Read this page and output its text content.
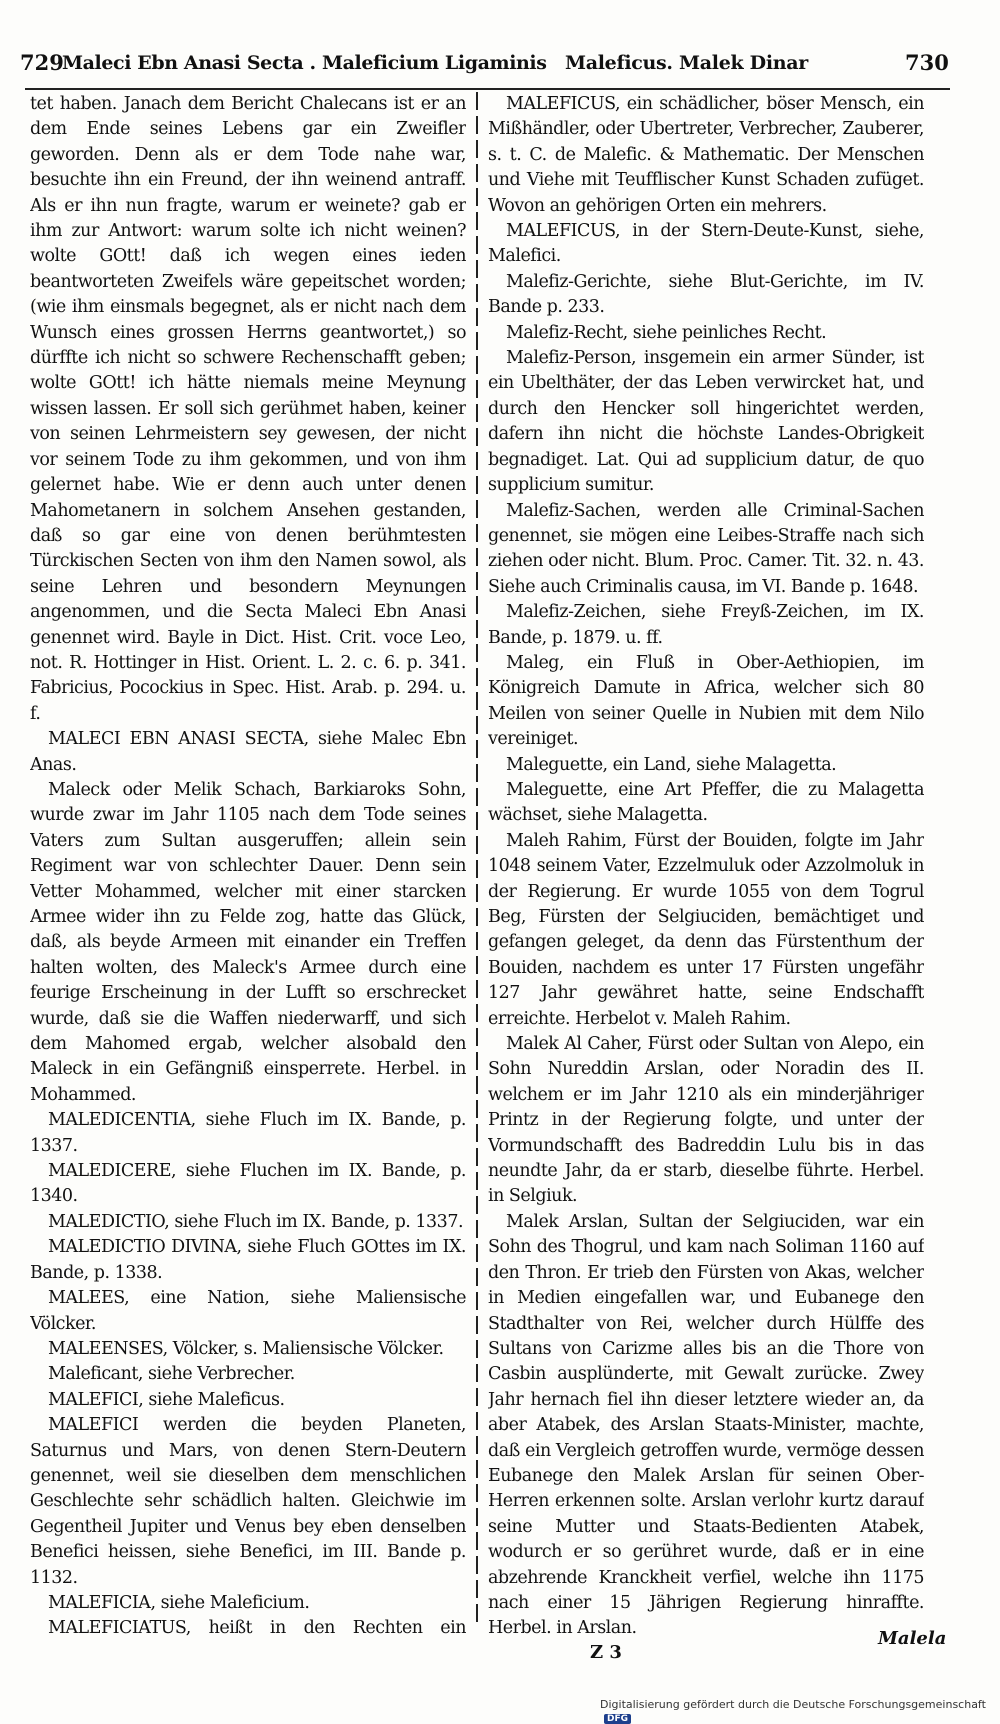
729
Maleci Ebn Anasi Secta . Maleficium Ligaminis Maleficus. Malek Dinar	730

tet haben. Janach dem Bericht Chalecans ist er an dem Ende seines Lebens gar ein Zweifler geworden. Denn als er dem Tode nahe war, besuchte ihn ein Freund, der ihn weinend antraff. Als er ihn nun fragte, warum er weinete? gab er ihm zur Antwort: warum solte ich nicht weinen? wolte GOtt! daß ich wegen eines ieden beantworteten Zweifels wäre gepeitschet worden; (wie ihm einsmals begegnet, als er nicht nach dem Wunsch eines grossen Herrns geantwortet,) so dürffte ich nicht so schwere Rechenschafft geben; wolte GOtt! ich hätte niemals meine Meynung wissen lassen. Er soll sich gerühmet haben, keiner von seinen Lehrmeistern sey gewesen, der nicht vor seinem Tode zu ihm gekommen, und von ihm gelernet habe. Wie er denn auch unter denen Mahometanern in solchem Ansehen gestanden, daß so gar eine von denen berühmtesten Türckischen Secten von ihm den Namen sowol, als seine Lehren und besondern Meynungen angenommen, und die Secta Maleci Ebn Anasi genennet wird. Bayle in Dict. Hist. Crit. voce Leo, not. R. Hottinger in Hist. Orient. L. 2. c. 6. p. 341. Fabricius, Pocockius in Spec. Hist. Arab. p. 294. u. f.

MALECI EBN ANASI SECTA, siehe Malec Ebn Anas.

Maleck oder Melik Schach, Barkiaroks Sohn, wurde zwar im Jahr 1105 nach dem Tode seines Vaters zum Sultan ausgeruffen; allein sein Regiment war von schlechter Dauer. Denn sein Vetter Mohammed, welcher mit einer starcken Armee wider ihn zu Felde zog, hatte das Glück, daß, als beyde Armeen mit einander ein Treffen halten wolten, des Maleck's Armee durch eine feurige Erscheinung in der Lufft so erschrecket wurde, daß sie die Waffen niederwarff, und sich dem Mahomed ergab, welcher alsobald den Maleck in ein Gefängniß einsperrete. Herbel. in Mohammed.

MALEDICENTIA, siehe Fluch im IX. Bande, p. 1337.

MALEDICERE, siehe Fluchen im IX. Bande, p. 1340.

MALEDICTIO, siehe Fluch im IX. Bande, p. 1337.

MALEDICTIO DIVINA, siehe Fluch GOttes im IX. Bande, p. 1338.

MALEES, eine Nation, siehe Maliensische Völcker.

MALEENSES, Völcker, s. Maliensische Völcker.

Maleficant, siehe Verbrecher.

MALEFICI, siehe Maleficus.

MALEFICI werden die beyden Planeten, Saturnus und Mars, von denen Stern-Deutern genennet, weil sie dieselben dem menschlichen Geschlechte sehr schädlich halten. Gleichwie im Gegentheil Jupiter und Venus bey eben denselben Benefici heissen, siehe Benefici, im III. Bande p. 1132.

MALEFICIA, siehe Maleficium.

MALEFICIATUS, heißt in den Rechten ein

MALEFICUS, ein schädlicher, böser Mensch, ein Mißhändler, oder Ubertreter, Verbrecher, Zauberer, s. t. C. de Malefic. & Mathematic. Der Menschen und Viehe mit Teufflischer Kunst Schaden zufüget. Wovon an gehörigen Orten ein mehrers.

MALEFICUS, in der Stern-Deute-Kunst, siehe, Malefici.

Malefiz-Gerichte, siehe Blut-Gerichte, im IV. Bande p. 233.

Malefiz-Recht, siehe peinliches Recht.

Malefiz-Person, insgemein ein armer Sünder, ist ein Ubelthäter, der das Leben verwircket hat, und durch den Hencker soll hingerichtet werden, dafern ihn nicht die höchste Landes-Obrigkeit begnadiget. Lat. Qui ad supplicium datur, de quo supplicium sumitur.

Malefiz-Sachen, werden alle Criminal-Sachen genennet, sie mögen eine Leibes-Straffe nach sich ziehen oder nicht. Blum. Proc. Camer. Tit. 32. n. 43. Siehe auch Criminalis causa, im VI. Bande p. 1648.

Malefiz-Zeichen, siehe Freyß-Zeichen, im IX. Bande, p. 1879. u. ff.

Maleg, ein Fluß in Ober-Aethiopien, im Königreich Damute in Africa, welcher sich 80 Meilen von seiner Quelle in Nubien mit dem Nilo vereiniget.

Maleguette, ein Land, siehe Malagetta.

Maleguette, eine Art Pfeffer, die zu Malagetta wächset, siehe Malagetta.

Maleh Rahim, Fürst der Bouiden, folgte im Jahr 1048 seinem Vater, Ezzelmuluk oder Azzolmoluk in der Regierung. Er wurde 1055 von dem Togrul Beg, Fürsten der Selgiuciden, bemächtiget und gefangen geleget, da denn das Fürstenthum der Bouiden, nachdem es unter 17 Fürsten ungefähr 127 Jahr gewähret hatte, seine Endschafft erreichte. Herbelot v. Maleh Rahim.

Malek Al Caher, Fürst oder Sultan von Alepo, ein Sohn Nureddin Arslan, oder Noradin des II. welchem er im Jahr 1210 als ein minderjähriger Printz in der Regierung folgte, und unter der Vormundschafft des Badreddin Lulu bis in das neundte Jahr, da er starb, dieselbe führte. Herbel. in Selgiuk.

Malek Arslan, Sultan der Selgiuciden, war ein Sohn des Thogrul, und kam nach Soliman 1160 auf den Thron. Er trieb den Fürsten von Akas, welcher in Medien eingefallen war, und Eubanege den Stadthalter von Rei, welcher durch Hülffe des Sultans von Carizme alles bis an die Thore von Casbin ausplünderte, mit Gewalt zurücke. Zwey Jahr hernach fiel ihn dieser letztere wieder an, da aber Atabek, des Arslan Staats-Minister, machte, daß ein Vergleich getroffen wurde, vermöge dessen Eubanege den Malek Arslan für seinen Ober-Herren erkennen solte. Arslan verlohr kurtz darauf seine Mutter und Staats-Bedienten Atabek, wodurch er so gerühret wurde, daß er in eine abzehrende Kranckheit verfiel, welche ihn 1175 nach einer 15 Jährigen Regierung hinraffte. Herbel. in Arslan.

Z 3
Malela
Digitalisierung gefördert durch die Deutsche Forschungsgemeinschaft DFG
